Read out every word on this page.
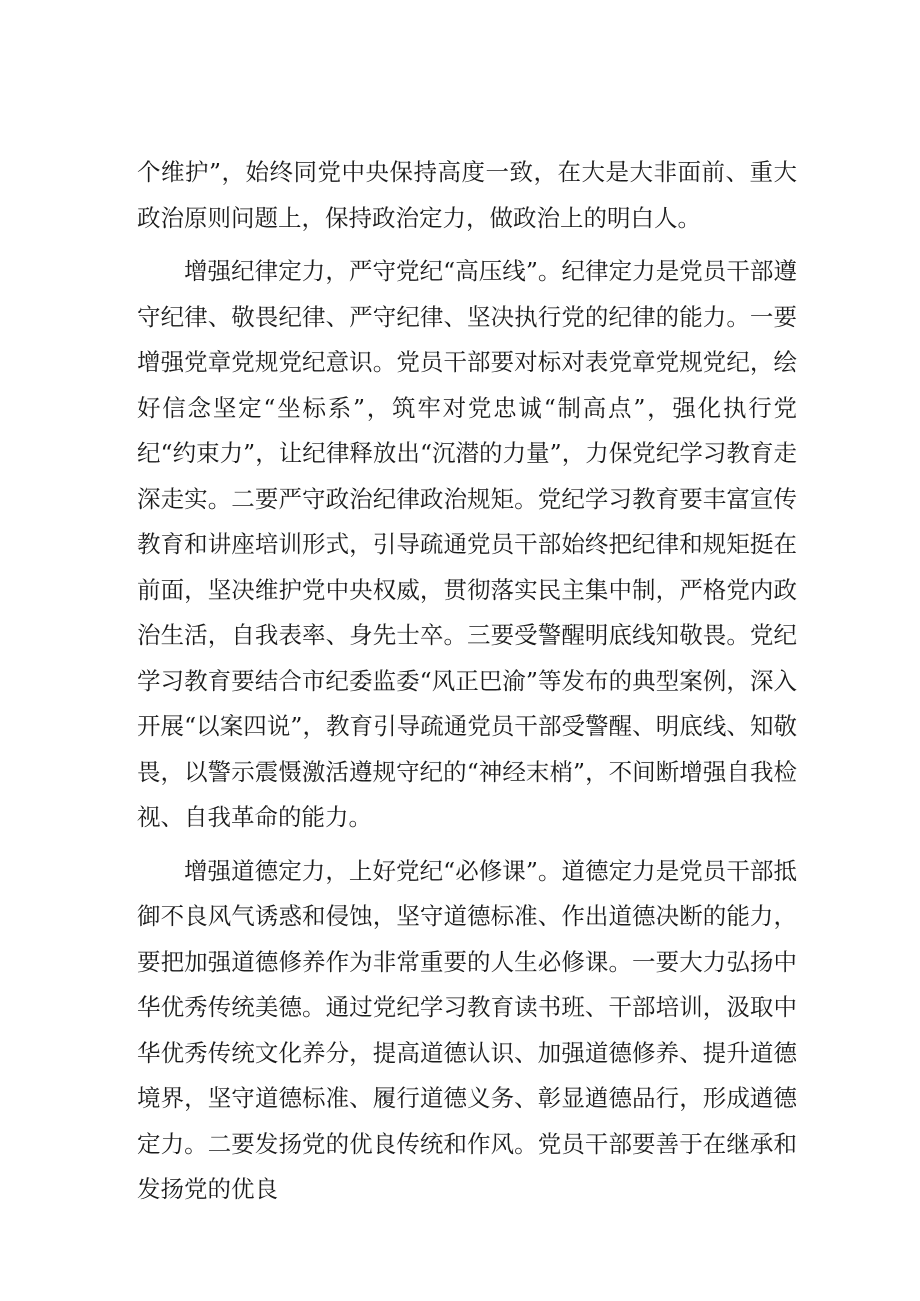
个维护”，始终同党中央保持高度一致，在大是大非面前、重大政治原则问题上，保持政治定力，做政治上的明白人。

增强纪律定力，严守党纪“高压线”。纪律定力是党员干部遵守纪律、敬畏纪律、严守纪律、坚决执行党的纪律的能力。一要增强党章党规党纪意识。党员干部要对标对表党章党规党纪，绘好信念坚定“坐标系”，筑牢对党忠诚“制高点”，强化执行党纪“约束力”，让纪律释放出“沉潜的力量”，力保党纪学习教育走深走实。二要严守政治纪律政治规矩。党纪学习教育要丰富宣传教育和讲座培训形式，引导疏通党员干部始终把纪律和规矩挺在前面，坚决维护党中央权威，贯彻落实民主集中制，严格党内政治生活，自我表率、身先士卒。三要受警醒明底线知敬畏。党纪学习教育要结合市纪委监委“风正巴渝”等发布的典型案例，深入开展“以案四说”，教育引导疏通党员干部受警醒、明底线、知敬畏，以警示震慑激活遵规守纪的“神经末梢”，不间断增强自我检视、自我革命的能力。

增强道德定力，上好党纪“必修课”。道德定力是党员干部抵御不良风气诱惑和侵蚀，坚守道德标准、作出道德决断的能力，要把加强道德修养作为非常重要的人生必修课。一要大力弘扬中华优秀传统美德。通过党纪学习教育读书班、干部培训，汲取中华优秀传统文化养分，提高道德认识、加强道德修养、提升道德境界，坚守道德标准、履行道德义务、彰显遒德品行，形成遒德定力。二要发扬党的优良传统和作风。党员干部要善于在继承和发扬党的优良
